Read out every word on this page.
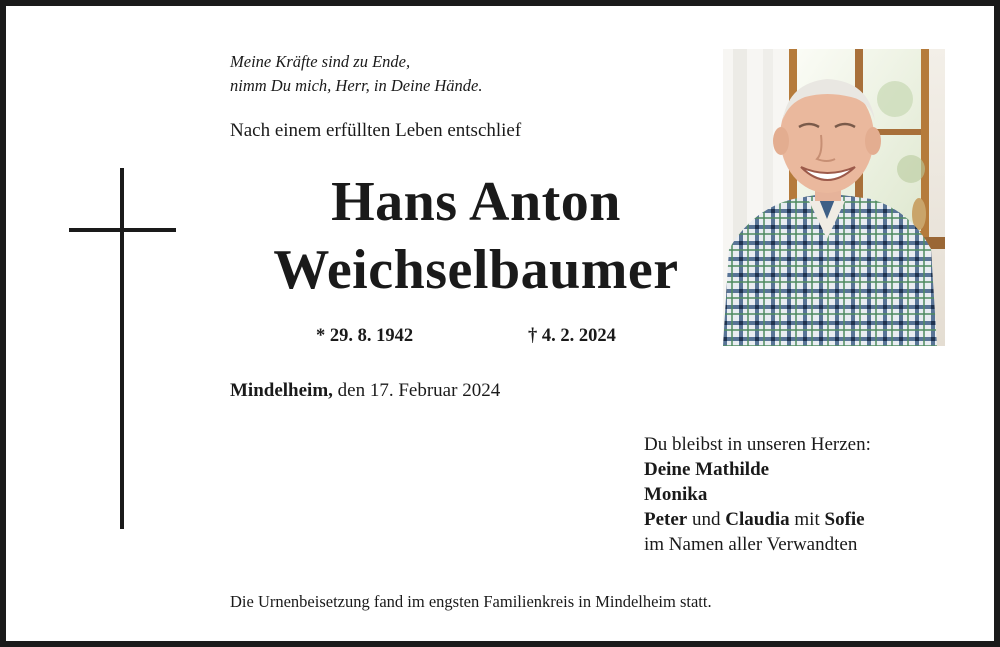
Meine Kräfte sind zu Ende,
nimm Du mich, Herr, in Deine Hände.
Nach einem erfüllten Leben entschlief
Hans Anton
Weichselbaumer
* 29. 8. 1942	† 4. 2. 2024
Mindelheim, den 17. Februar 2024
Du bleibst in unseren Herzen:
Deine Mathilde
Monika
Peter und Claudia mit Sofie
im Namen aller Verwandten
Die Urnenbeisetzung fand im engsten Familienkreis in Mindelheim statt.
